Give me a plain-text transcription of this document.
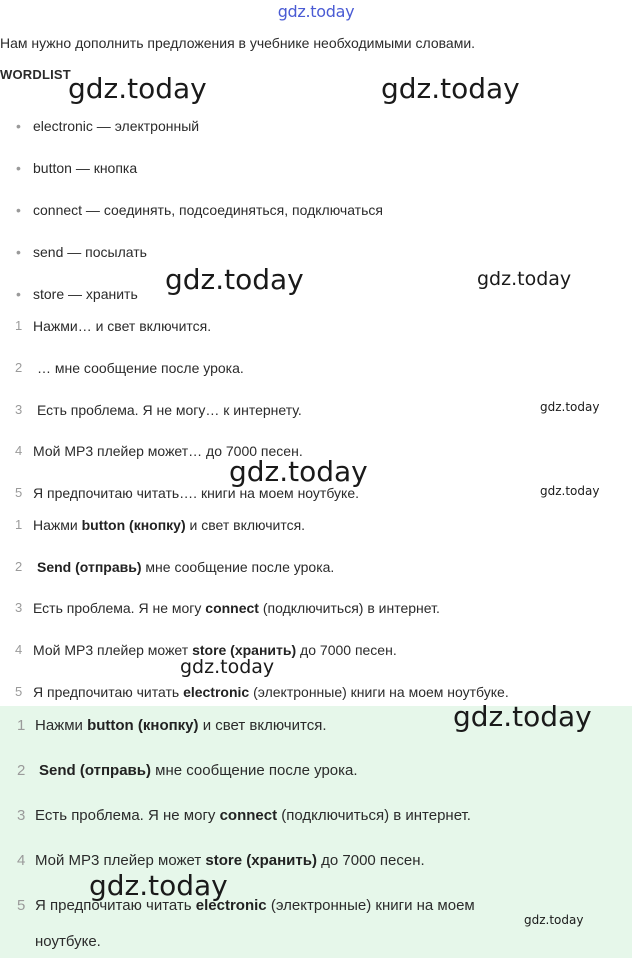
gdz.today
Нам нужно дополнить предложения в учебнике необходимыми словами.
WORDLIST
• electronic — электронный
• button — кнопка
• connect — соединять, подсоединяться, подключаться
• send — посылать
• store — хранить
1 Нажми… и свет включится.
2 … мне сообщение после урока.
3 Есть проблема. Я не могу… к интернету.
4 Мой MP3 плейер может… до 7000 песен.
5 Я предпочитаю читать…. книги на моем ноутбуке.
1 Нажми button (кнопку) и свет включится.
2 Send (отправь) мне сообщение после урока.
3 Есть проблема. Я не могу connect (подключиться) в интернет.
4 Мой MP3 плейер может store (хранить) до 7000 песен.
5 Я предпочитаю читать electronic (электронные) книги на моем ноутбуке.
1 Нажми button (кнопку) и свет включится.
2 Send (отправь) мне сообщение после урока.
3 Есть проблема. Я не могу connect (подключиться) в интернет.
4 Мой MP3 плейер может store (хранить) до 7000 песен.
5 Я предпочитаю читать electronic (электронные) книги на моем
ноутбуке.
gdz.today	gdz.today
gdz.today	gdz.today
gdz.today
gdz.today
gdz.today
gdz.today
gdz.today
gdz.today
gdz.today
